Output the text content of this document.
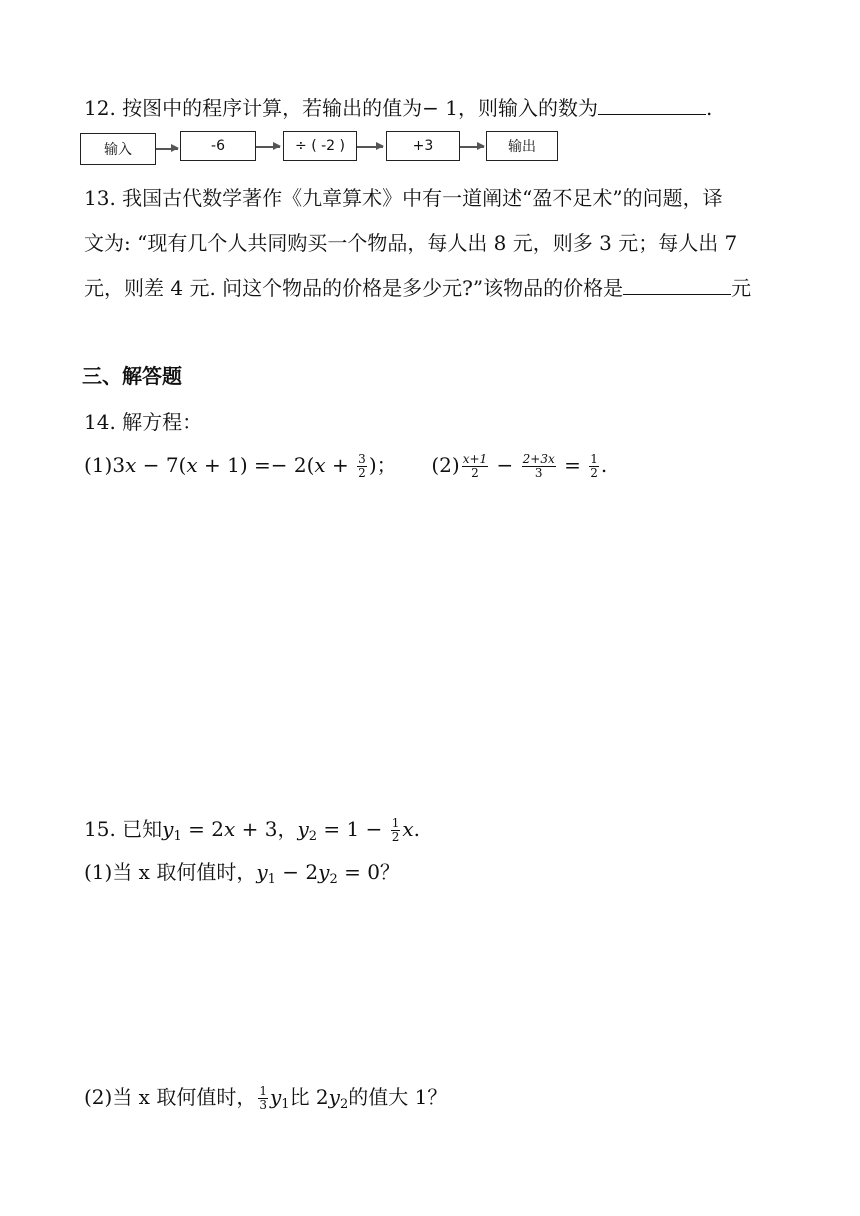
12. 按图中的程序计算，若输出的值为− 1，则输入的数为	.
输入	-6	÷ ( -2 )	+3	输出
13. 我国古代数学著作《九章算术》中有一道阐述“盈不足术”的问题，译
文为: “现有几个人共同购买一个物品，每人出 8 元，则多 3 元；每人出 7
元，则差 4 元. 问这个物品的价格是多少元?”该物品的价格是	元
三、解答题
14. 解方程：
$(1)3x - 7(x + 1) =- 2(x + \frac{3}{2}$ )； $(2) \frac{x+1}{2} - \frac{2+3x}{3} = \frac{1}{2}$ .
15. 已知$y_1 = 2x + 3$，$y_2 = 1 - \frac{1}{2} x$.
(1)当 x 取何值时，$y_1 - 2y_2 = 0$？
(2)当 x 取何值时， $\frac{1}{3} y_1$比 $2y_2$的值大 1？
